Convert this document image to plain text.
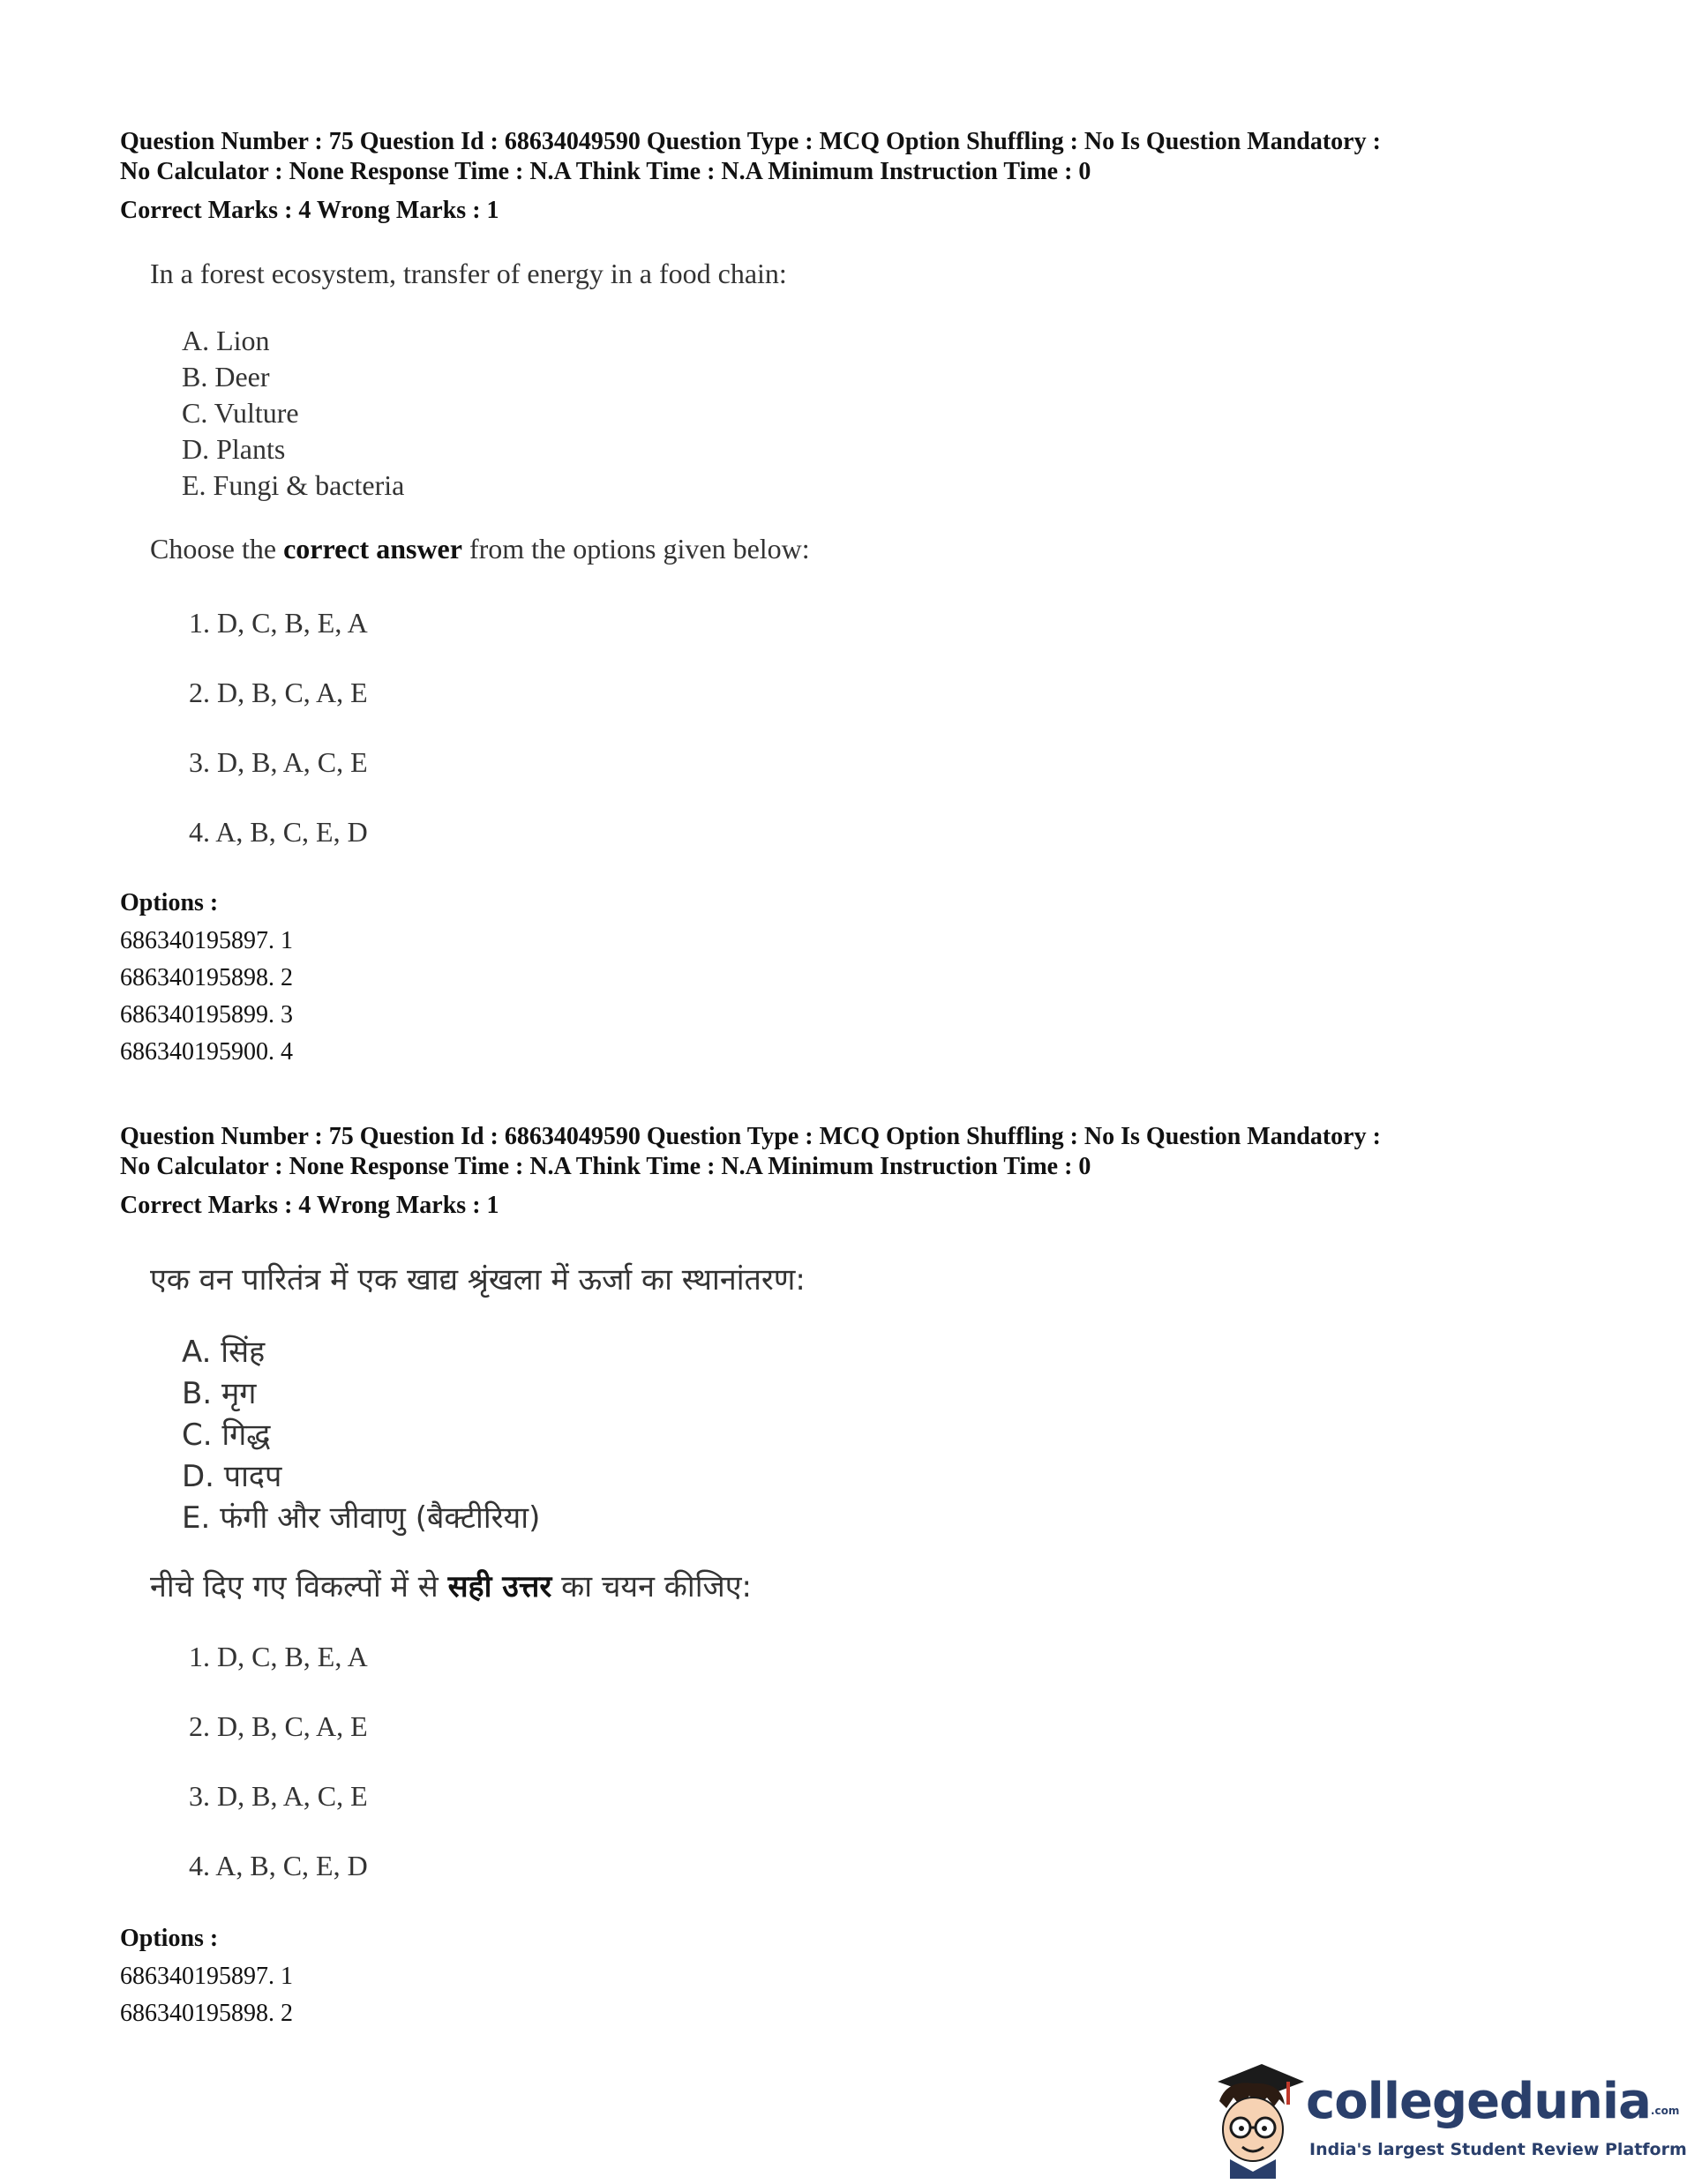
Question Number : 75 Question Id : 68634049590 Question Type : MCQ Option Shuffling : No Is Question Mandatory :
No Calculator : None Response Time : N.A Think Time : N.A Minimum Instruction Time : 0

Correct Marks : 4 Wrong Marks : 1
In a forest ecosystem, transfer of energy in a food chain:
A. Lion
B. Deer
C. Vulture
D. Plants
E. Fungi & bacteria
Choose the correct answer from the options given below:
1. D, C, B, E, A
2. D, B, C, A, E
3. D, B, A, C, E
4. A, B, C, E, D
Options :
686340195897. 1
686340195898. 2
686340195899. 3
686340195900. 4

Question Number : 75 Question Id : 68634049590 Question Type : MCQ Option Shuffling : No Is Question Mandatory :
No Calculator : None Response Time : N.A Think Time : N.A Minimum Instruction Time : 0

Correct Marks : 4 Wrong Marks : 1
एक वन पारितंत्र में एक खाद्य श्रृंखला में ऊर्जा का स्थानांतरण:
A. सिंह
B. मृग
C. गिद्ध
D. पादप
E. फंगी और जीवाणु (बैक्टीरिया)
नीचे दिए गए विकल्पों में से सही उत्तर का चयन कीजिए:
1. D, C, B, E, A
2. D, B, C, A, E
3. D, B, A, C, E
4. A, B, C, E, D
Options :
686340195897. 1
686340195898. 2
collegedunia.com
India's largest Student Review Platform
